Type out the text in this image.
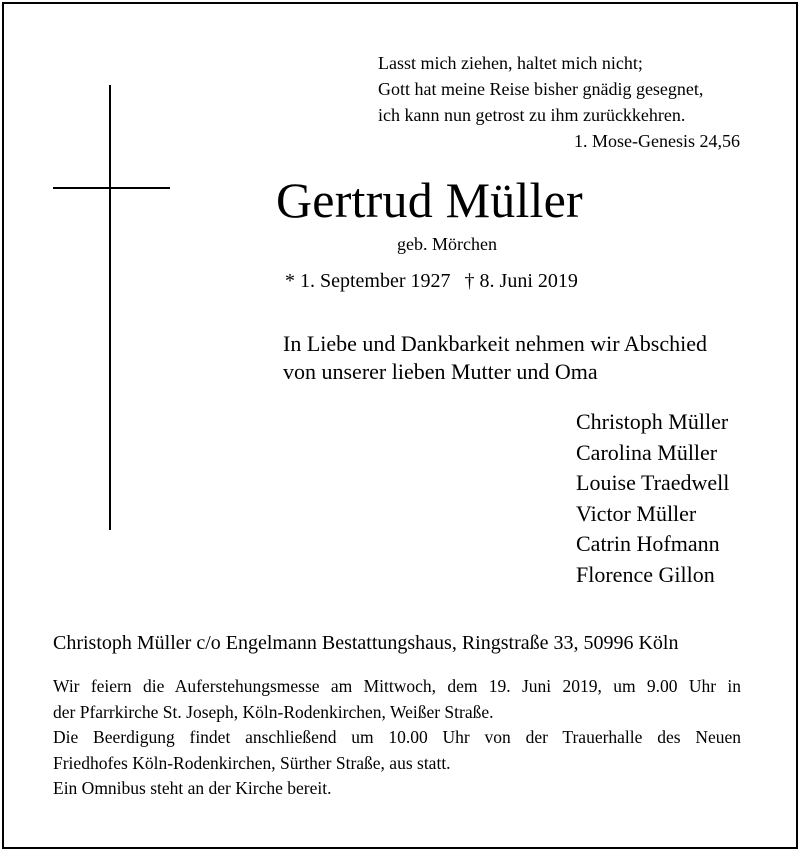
Lasst mich ziehen, haltet mich nicht;
Gott hat meine Reise bisher gnädig gesegnet,
ich kann nun getrost zu ihm zurückkehren.
1. Mose-Genesis 24,56
Gertrud Müller
geb. Mörchen
* 1. September 1927 † 8. Juni 2019
In Liebe und Dankbarkeit nehmen wir Abschied
von unserer lieben Mutter und Oma
Christoph Müller
Carolina Müller
Louise Traedwell
Victor Müller
Catrin Hofmann
Florence Gillon
Christoph Müller c/o Engelmann Bestattungshaus, Ringstraße 33, 50996 Köln

Wir feiern die Auferstehungsmesse am Mittwoch, dem 19. Juni 2019, um 9.00 Uhr in

der Pfarrkirche St. Joseph, Köln-Rodenkirchen, Weißer Straße.

Die Beerdigung findet anschließend um 10.00 Uhr von der Trauerhalle des Neuen

Friedhofes Köln-Rodenkirchen, Sürther Straße, aus statt.

Ein Omnibus steht an der Kirche bereit.
